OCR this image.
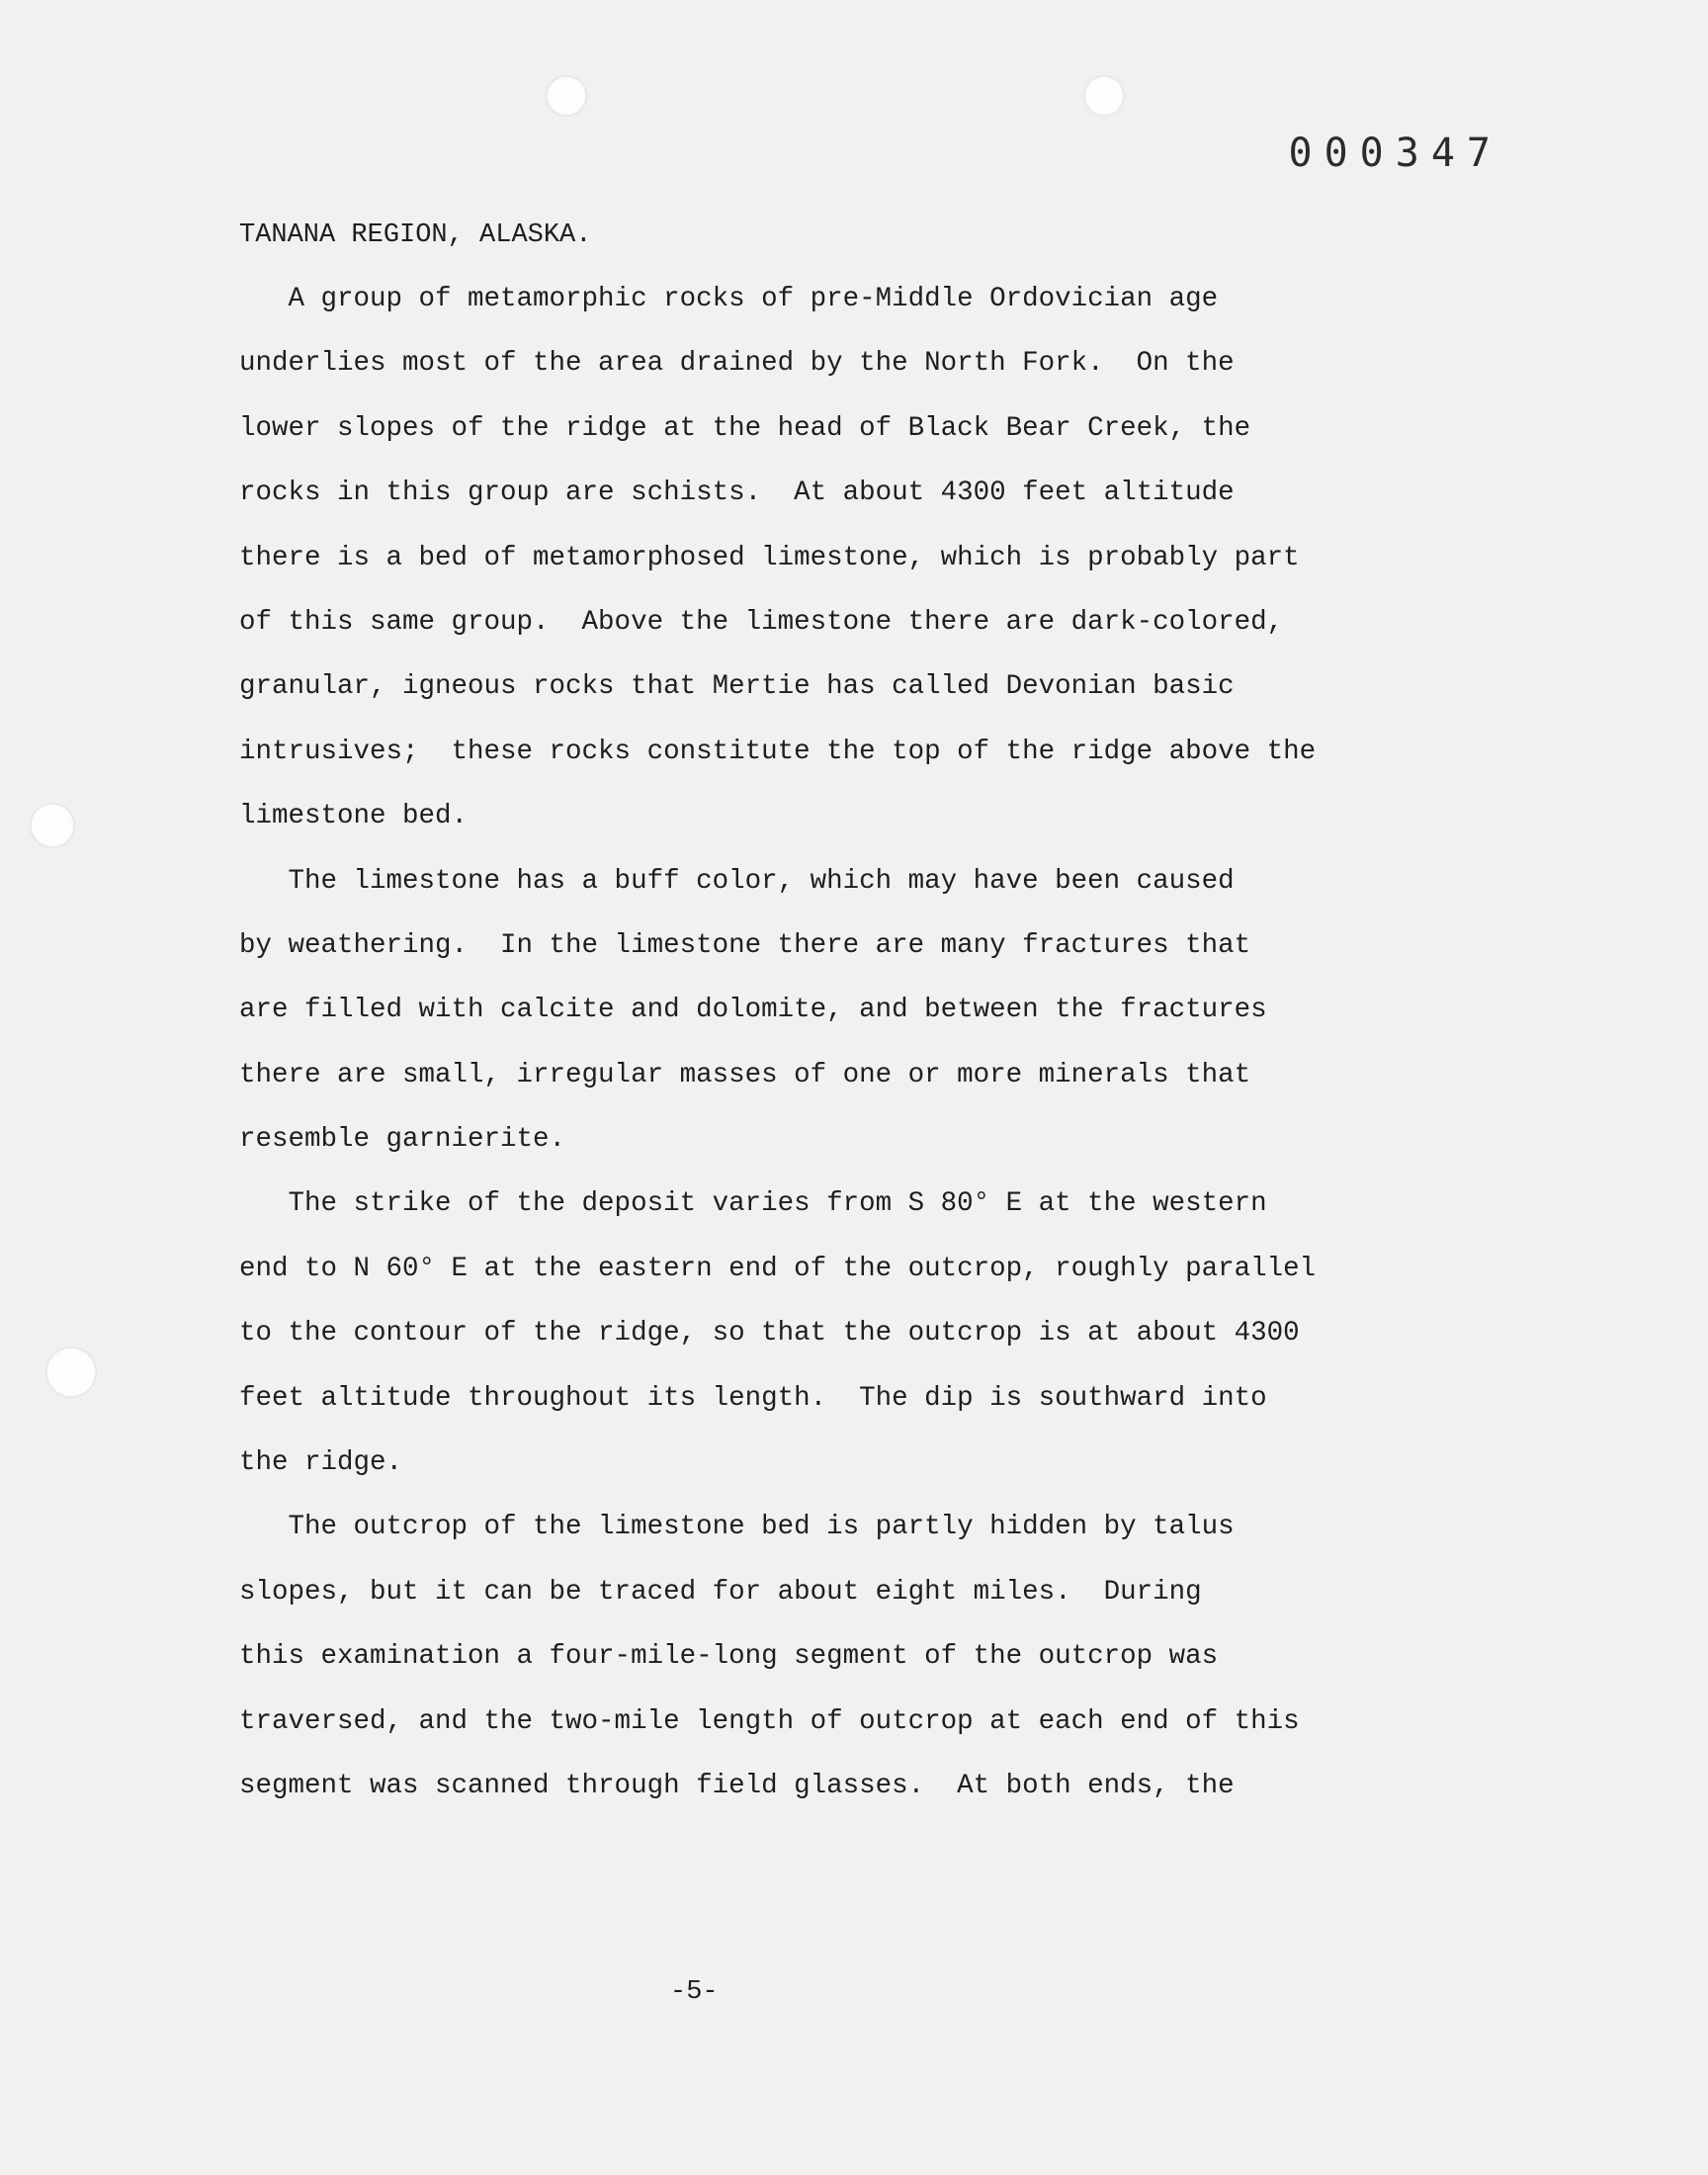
000347
TANANA REGION, ALASKA.
A group of metamorphic rocks of pre-Middle Ordovician age
underlies most of the area drained by the North Fork.  On the
lower slopes of the ridge at the head of Black Bear Creek, the
rocks in this group are schists.  At about 4300 feet altitude
there is a bed of metamorphosed limestone, which is probably part
of this same group.  Above the limestone there are dark-colored,
granular, igneous rocks that Mertie has called Devonian basic
intrusives;  these rocks constitute the top of the ridge above the
limestone bed.
The limestone has a buff color, which may have been caused
by weathering.  In the limestone there are many fractures that
are filled with calcite and dolomite, and between the fractures
there are small, irregular masses of one or more minerals that
resemble garnierite.
The strike of the deposit varies from S 80° E at the western
end to N 60° E at the eastern end of the outcrop, roughly parallel
to the contour of the ridge, so that the outcrop is at about 4300
feet altitude throughout its length.  The dip is southward into
the ridge.
The outcrop of the limestone bed is partly hidden by talus
slopes, but it can be traced for about eight miles.  During
this examination a four-mile-long segment of the outcrop was
traversed, and the two-mile length of outcrop at each end of this
segment was scanned through field glasses.  At both ends, the
-5-
